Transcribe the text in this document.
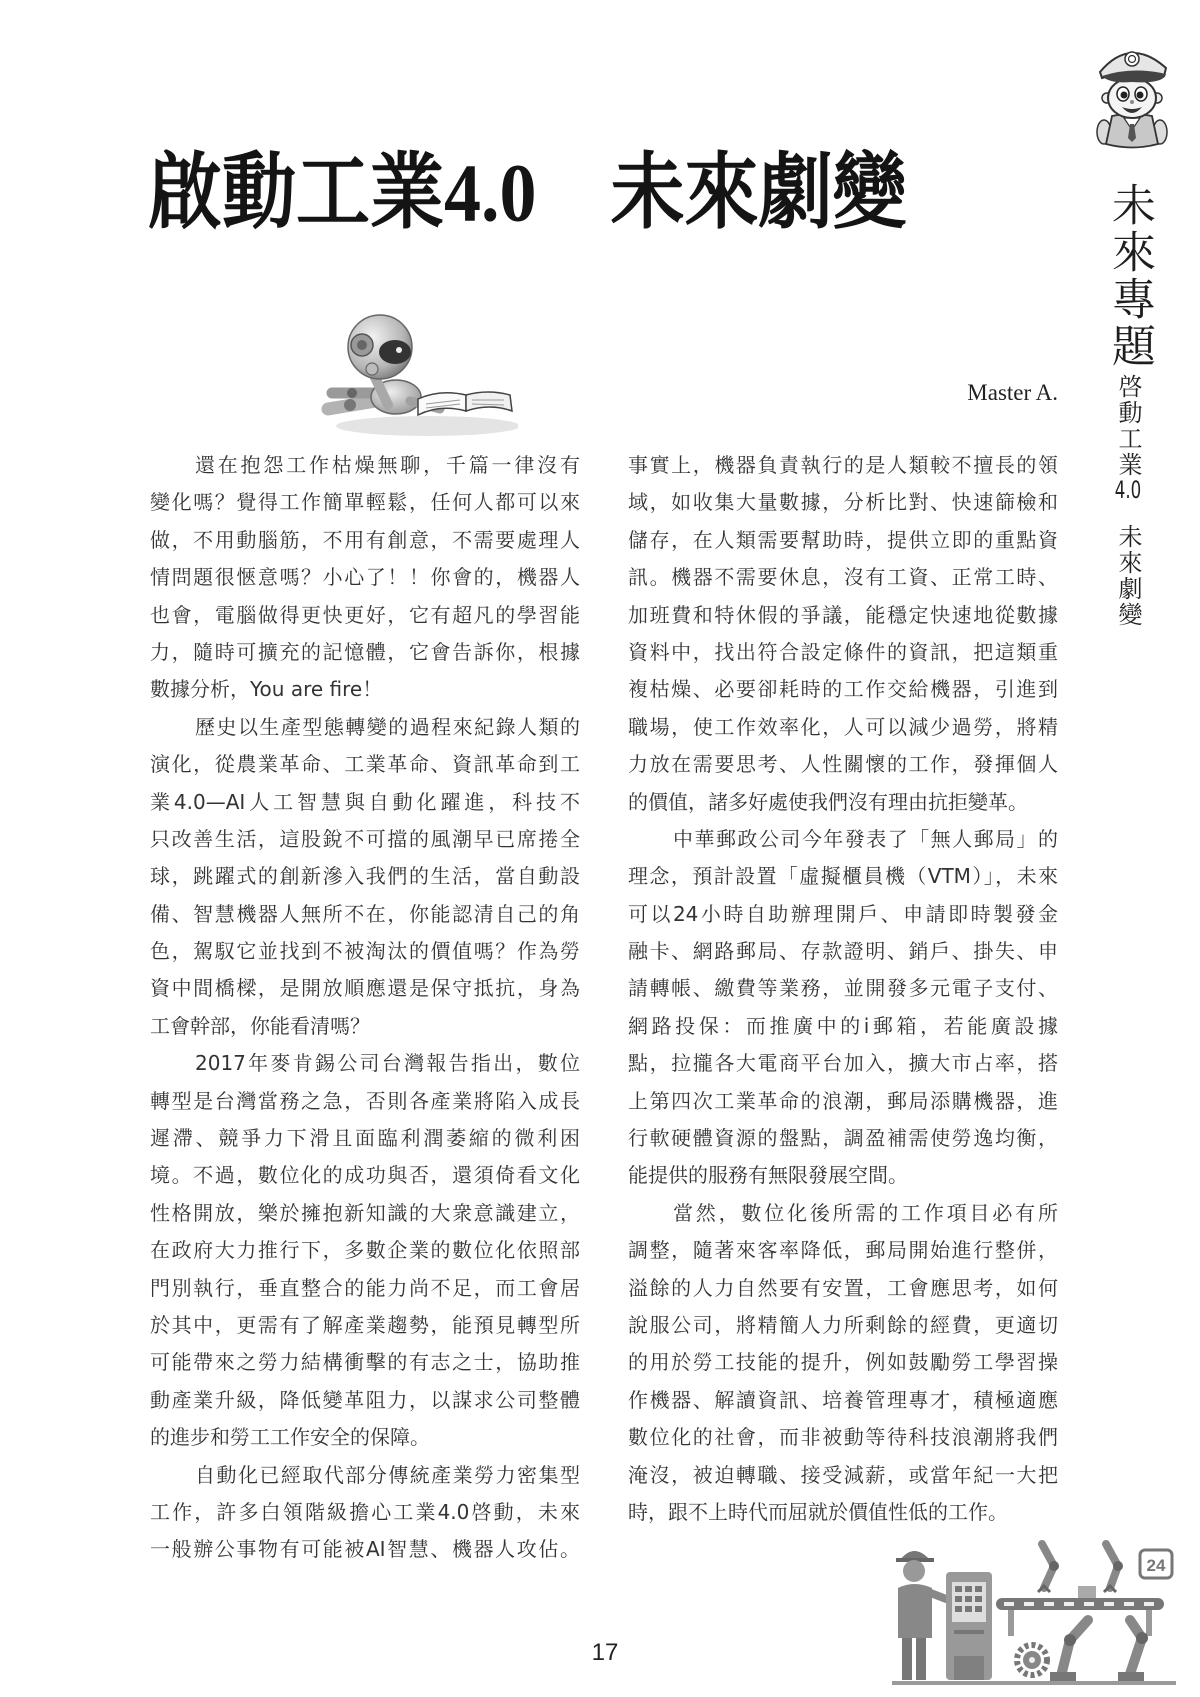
啟動工業4.0　未來劇變	未來專題
啓動工業4.0
未來劇變
Master A.
還在抱怨工作枯燥無聊，千篇一律沒有
變化嗎？覺得工作簡單輕鬆，任何人都可以來
做，不用動腦筋，不用有創意，不需要處理人
情問題很愜意嗎？小心了！！你會的，機器人
也會，電腦做得更快更好，它有超凡的學習能
力，隨時可擴充的記憶體，它會告訴你，根據
數據分析，You are fire！
歷史以生產型態轉變的過程來紀錄人類的
演化，從農業革命、工業革命、資訊革命到工
業4.0—AI人工智慧與自動化躍進，科技不
只改善生活，這股銳不可擋的風潮早已席捲全
球，跳躍式的創新滲入我們的生活，當自動設
備、智慧機器人無所不在，你能認清自己的角
色，駕馭它並找到不被淘汰的價值嗎？作為勞
資中間橋樑，是開放順應還是保守抵抗，身為
工會幹部，你能看清嗎？
2017年麥肯錫公司台灣報告指出，數位
轉型是台灣當務之急，否則各產業將陷入成長
遲滯、競爭力下滑且面臨利潤萎縮的微利困
境。不過，數位化的成功與否，還須倚看文化
性格開放，樂於擁抱新知識的大衆意識建立，
在政府大力推行下，多數企業的數位化依照部
門別執行，垂直整合的能力尚不足，而工會居
於其中，更需有了解產業趨勢，能預見轉型所
可能帶來之勞力結構衝擊的有志之士，協助推
動產業升級，降低變革阻力，以謀求公司整體
的進步和勞工工作安全的保障。
自動化已經取代部分傳統產業勞力密集型
工作，許多白領階級擔心工業4.0啓動，未來
一般辦公事物有可能被AI智慧、機器人攻佔。
事實上，機器負責執行的是人類較不擅長的領
域，如收集大量數據，分析比對、快速篩檢和
儲存，在人類需要幫助時，提供立即的重點資
訊。機器不需要休息，沒有工資、正常工時、
加班費和特休假的爭議，能穩定快速地從數據
資料中，找出符合設定條件的資訊，把這類重
複枯燥、必要卻耗時的工作交給機器，引進到
職場，使工作效率化，人可以減少過勞，將精
力放在需要思考、人性關懷的工作，發揮個人
的價值，諸多好處使我們沒有理由抗拒變革。
中華郵政公司今年發表了「無人郵局」的
理念，預計設置「虛擬櫃員機（VTM）」，未來
可以24小時自助辦理開戶、申請即時製發金
融卡、網路郵局、存款證明、銷戶、掛失、申
請轉帳、繳費等業務，並開發多元電子支付、
網路投保：而推廣中的i郵箱，若能廣設據
點，拉攏各大電商平台加入，擴大市占率，搭
上第四次工業革命的浪潮，郵局添購機器，進
行軟硬體資源的盤點，調盈補需使勞逸均衡，
能提供的服務有無限發展空間。
當然，數位化後所需的工作項目必有所
調整，隨著來客率降低，郵局開始進行整併，
溢餘的人力自然要有安置，工會應思考，如何
說服公司，將精簡人力所剩餘的經費，更適切
的用於勞工技能的提升，例如鼓勵勞工學習操
作機器、解讀資訊、培養管理專才，積極適應
數位化的社會，而非被動等待科技浪潮將我們
淹沒，被迫轉職、接受減薪，或當年紀一大把
時，跟不上時代而屈就於價值性低的工作。
24
17
